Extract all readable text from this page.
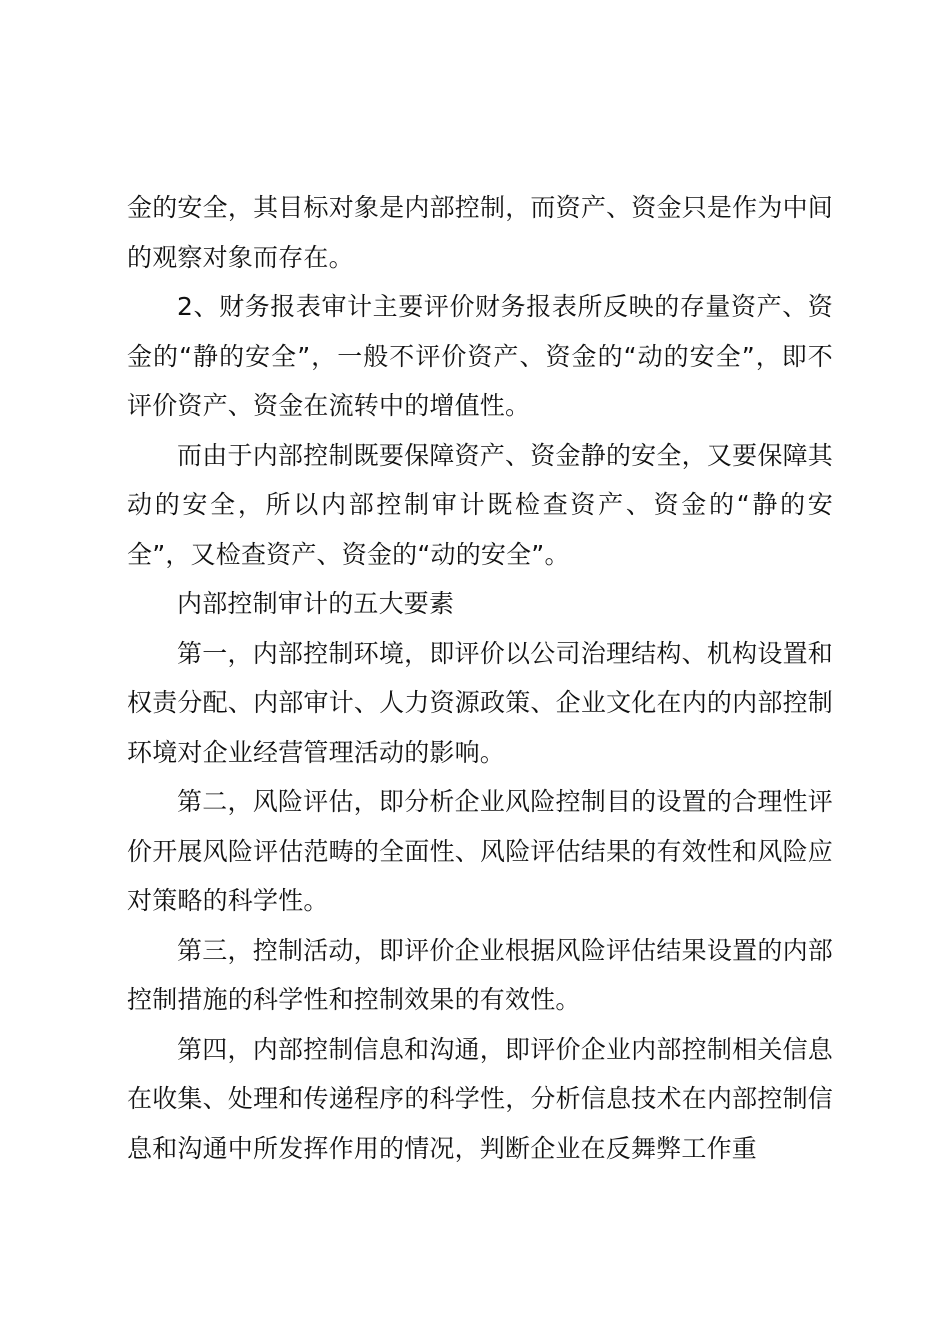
金的安全，其目标对象是内部控制，而资产、资金只是作为中间的观察对象而存在。

2、财务报表审计主要评价财务报表所反映的存量资产、资金的“静的安全”，一般不评价资产、资金的“动的安全”，即不评价资产、资金在流转中的增值性。

而由于内部控制既要保障资产、资金静的安全，又要保障其动的安全，所以内部控制审计既检查资产、资金的“静的安全”，又检查资产、资金的“动的安全”。

内部控制审计的五大要素

第一，内部控制环境，即评价以公司治理结构、机构设置和权责分配、内部审计、人力资源政策、企业文化在内的内部控制环境对企业经营管理活动的影响。

第二，风险评估，即分析企业风险控制目的设置的合理性评价开展风险评估范畴的全面性、风险评估结果的有效性和风险应对策略的科学性。

第三，控制活动，即评价企业根据风险评估结果设置的内部控制措施的科学性和控制效果的有效性。

第四，内部控制信息和沟通，即评价企业内部控制相关信息在收集、处理和传递程序的科学性，分析信息技术在内部控制信息和沟通中所发挥作用的情况，判断企业在反舞弊工作重
